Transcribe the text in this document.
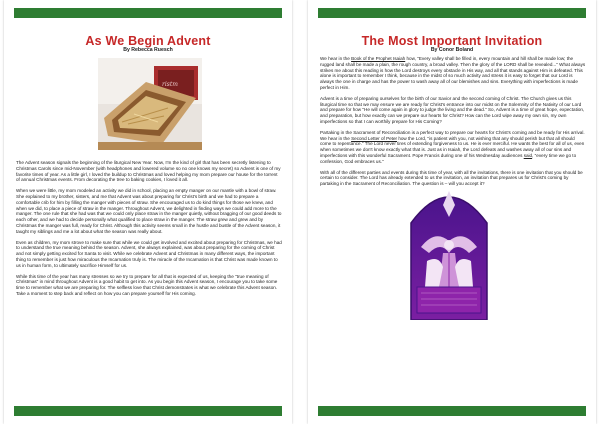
As We Begin Advent
By Rebecca Ruesch
ristm

The Advent season signals the beginning of the liturgical New Year. Now, I'm the kind of girl that has been secretly listening to Christmas Carols since mid-November (with headphones and lowered volume so no one knows my secret) so Advent is one of my favorite times of year. As a little girl, I loved the buildup to Christmas and loved helping my mom prepare our house for the torrent of annual Christmas events. From decorating the tree to baking cookies, I loved it all.

When we were little, my mom modeled an activity we did in school, placing an empty manger on our mantle with a bowl of straw. She explained to my brother, sisters, and me that Advent was about preparing for Christ's birth and we had to prepare a comfortable crib for him by filling the manger with pieces of straw. She encouraged us to do kind things for those we knew, and when we did, to place a piece of straw in the manger. Throughout Advent, we delighted in finding ways we could add more to the manger. The one rule that she had was that we could only place straw in the manger quietly, without bragging of our good deeds to each other, and we had to decide personally what qualified to place straw in the manger. The straw grew and grew and by Christmas the manger was full, ready for Christ. Although this activity seems small in the hustle and bustle of the Advent season, it taught my siblings and me a lot about what the season was really about.

Even as children, my mom strove to make sure that while we could get involved and excited about preparing for Christmas, we had to understand the true meaning behind the season. Advent, she always explained, was about preparing for the coming of Christ and not simply getting excited for Santa to visit. While we celebrate Advent and Christmas in many different ways, the important thing to remember is just how miraculous the Incarnation truly is. The miracle of the Incarnation is that Christ was made known to us in human form, to ultimately sacrifice Himself for us.

While this time of the year has many stresses so we try to prepare for all that is expected of us, keeping the "true meaning of Christmas" in mind throughout Advent is a good habit to get into. As you begin this Advent season, I encourage you to take some time to remember what we are preparing for. The selfless love that Christ demonstrates is what we celebrate this Advent season. Take a moment to step back and reflect on how you can prepare yourself for His coming.

The Most Important Invitation
By Conor Boland

We hear in the Book of the Prophet Isaiah how, "Every valley shall be filled in, every mountain and hill shall be made low; the rugged land shall be made a plain, the rough country, a broad valley. Then the glory of the LORD shall be revealed..." What always strikes me about this reading is how the Lord destroys every obstacle in His way, and all that stands against Him is defeated. This alone is important to remember I think, because in the midst of so much activity and stress it is easy to forget that our Lord is always the one in charge and has the power to wash away all of our blemishes and sins. Everything with imperfections is made perfect in Him.

Advent is a time of preparing ourselves for the birth of our Savior and the second coming of Christ. The Church gives us this liturgical time so that we may ensure we are ready for Christ's entrance into our midst on the Solemnity of the Nativity of our Lord and prepare for how "He will come again in glory to judge the living and the dead." So, Advent is a time of great hope, expectation, and preparation, but how exactly can we prepare our hearts for Christ? How can the Lord wipe away my own sin, my own imperfections so that I can worthily prepare for His Coming?

Partaking in the Sacrament of Reconciliation is a perfect way to prepare our hearts for Christ's coming and be ready for His arrival. We hear in the Second Letter of Peter how the Lord, "is patient with you, not wishing that any should perish but that all should come to repentance." The Lord never tires of extending forgiveness to us. He is ever merciful. He wants the best for all of us, even when sometimes we don't know exactly what that is. Just as in Isaiah, the Lord defeats and washes away all of our sins and imperfections with this wonderful Sacrament. Pope Francis during one of his Wednesday audiences said, "every time we go to confession, God embraces us."

With all of the different parties and events during this time of year, with all the invitations, there is one invitation that you should be certain to consider. The Lord has already extended to us the invitation, an invitation that prepares us for Christ's coming by partaking in the Sacrament of Reconciliation. The question is – will you accept it?
